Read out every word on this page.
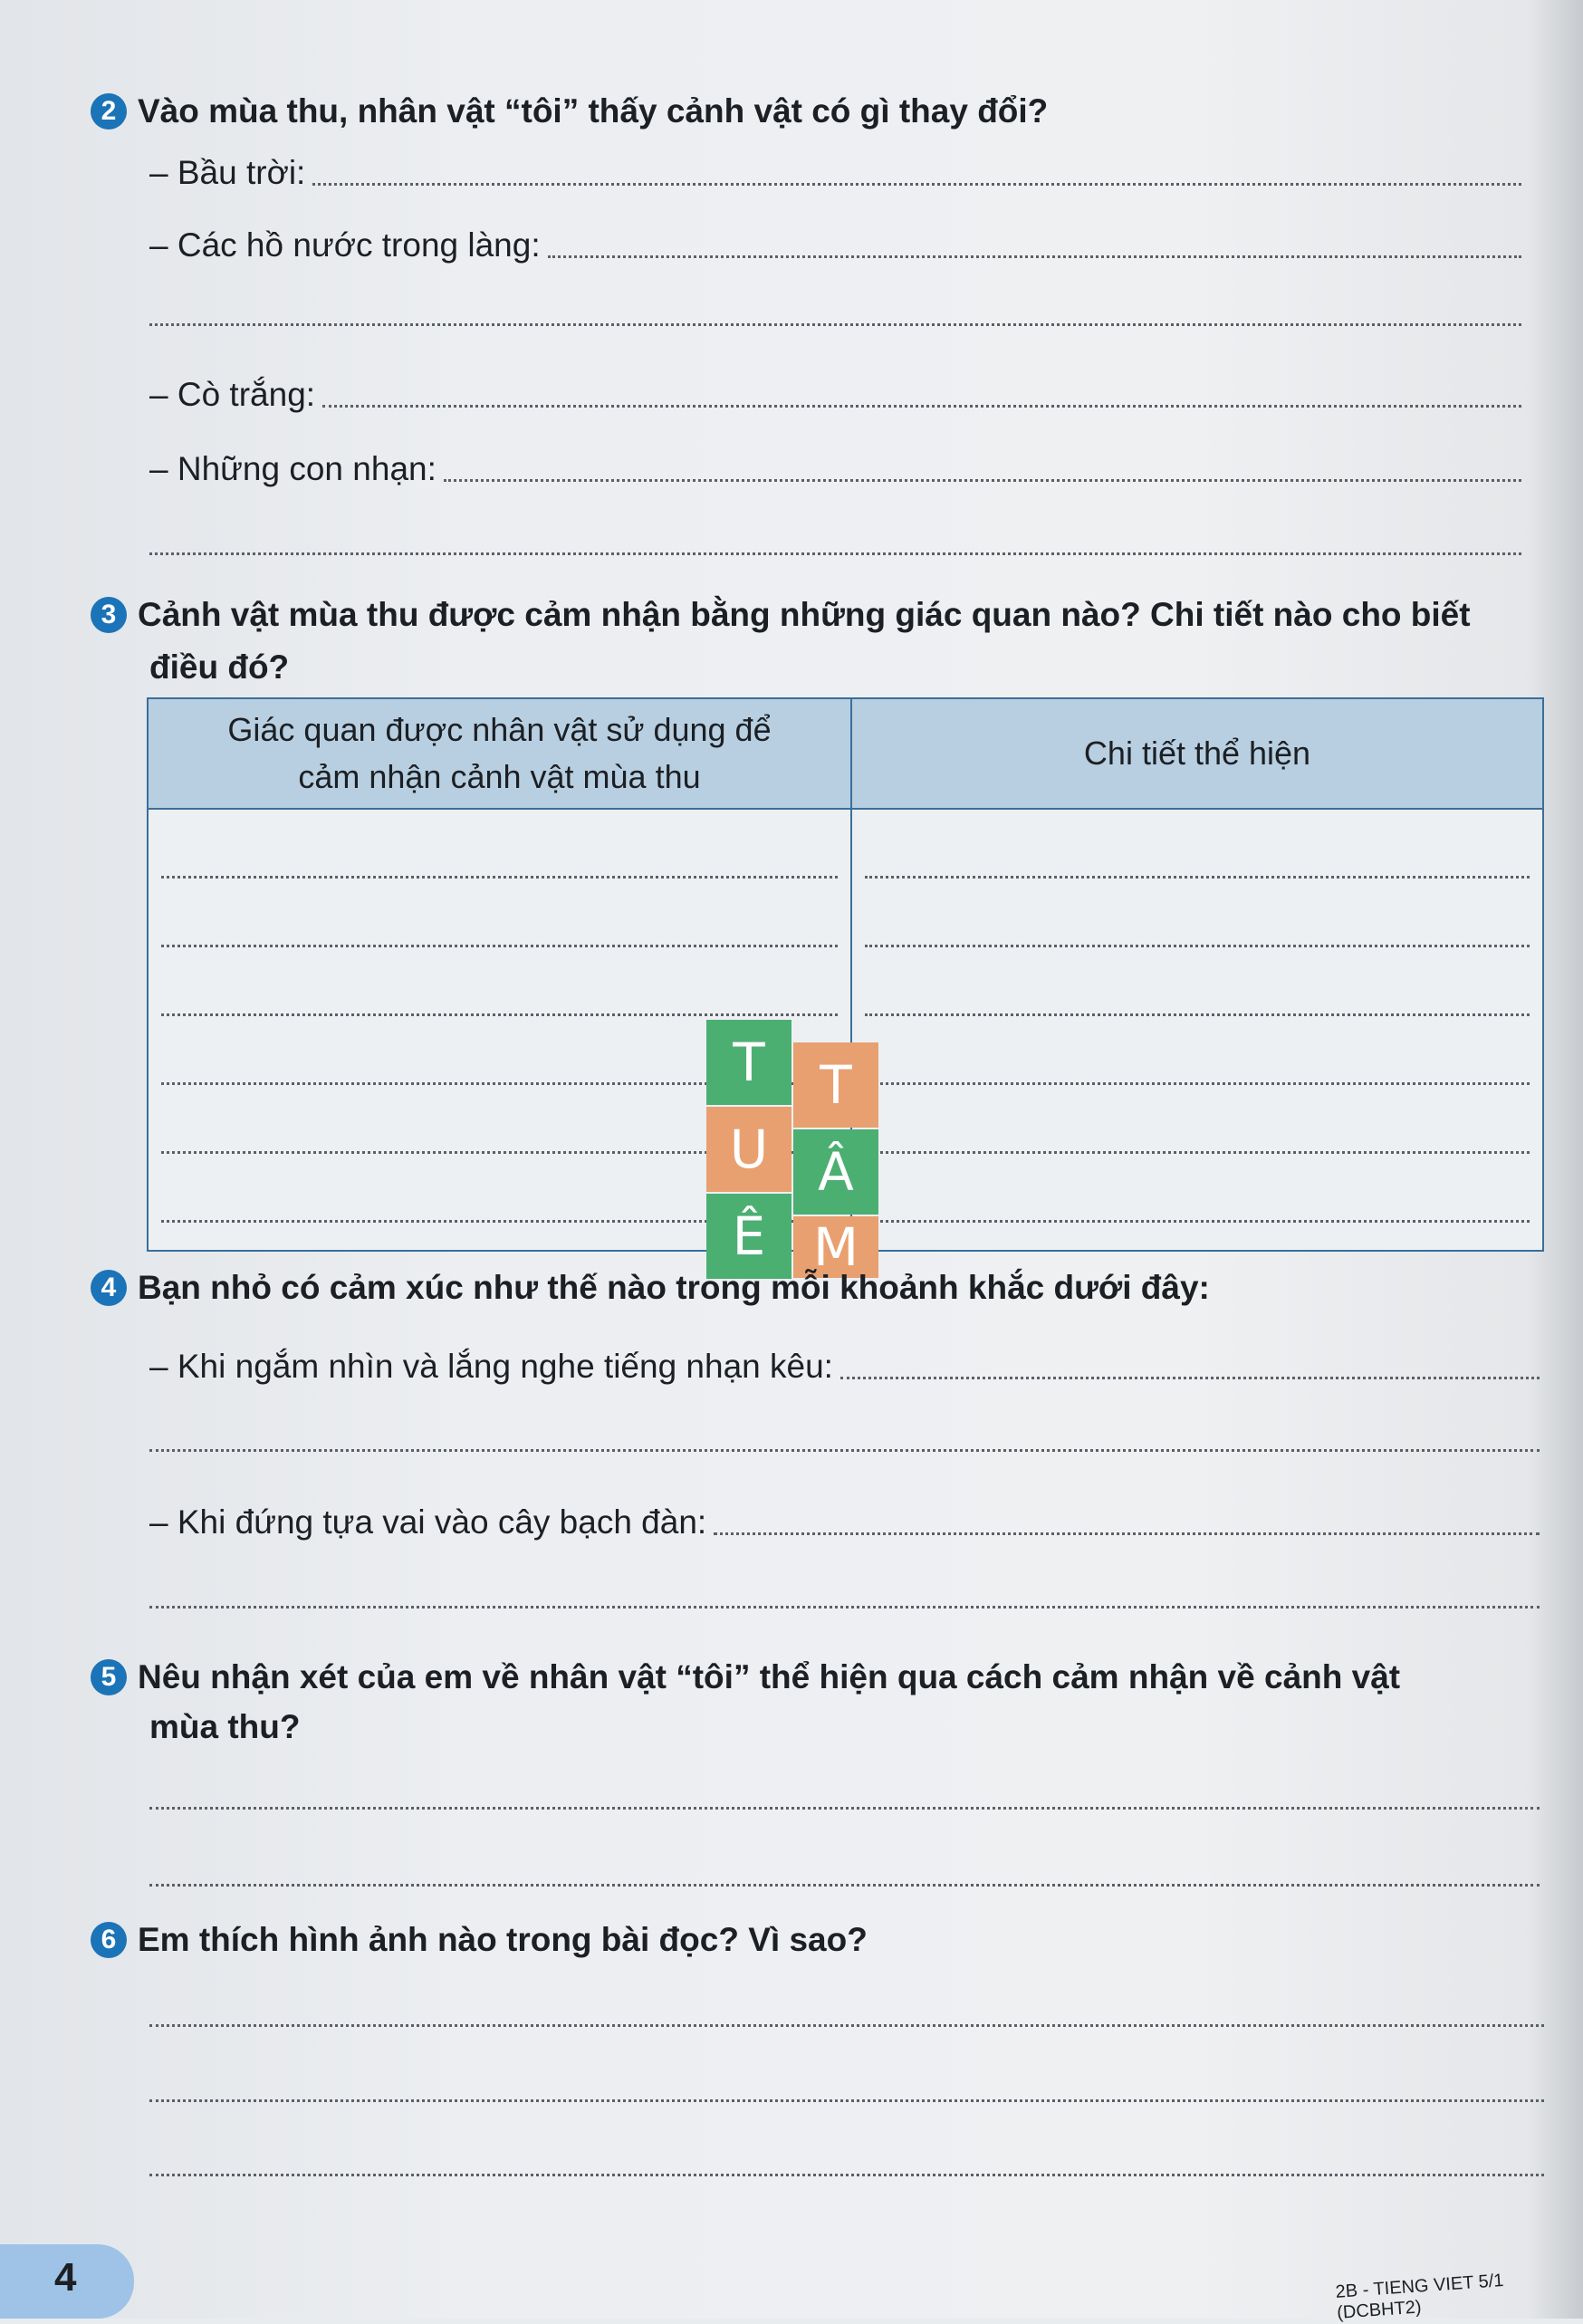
2 Vào mùa thu, nhân vật “tôi” thấy cảnh vật có gì thay đổi?
– Bầu trời:
– Các hồ nước trong làng:
– Cò trắng:
– Những con nhạn:
3 Cảnh vật mùa thu được cảm nhận bằng những giác quan nào? Chi tiết nào cho biết
điều đó?
Giác quan được nhân vật sử dụng để
cảm nhận cảnh vật mùa thu	Chi tiết thể hiện

T	T
U Â
Ê M
4 Bạn nhỏ có cảm xúc như thế nào trong mỗi khoảnh khắc dưới đây:
– Khi ngắm nhìn và lắng nghe tiếng nhạn kêu:
– Khi đứng tựa vai vào cây bạch đàn:
5 Nêu nhận xét của em về nhân vật “tôi” thể hiện qua cách cảm nhận về cảnh vật
mùa thu?
6 Em thích hình ảnh nào trong bài đọc? Vì sao?
4	2B - TIENG VIET 5/1 (DCBHT2)
